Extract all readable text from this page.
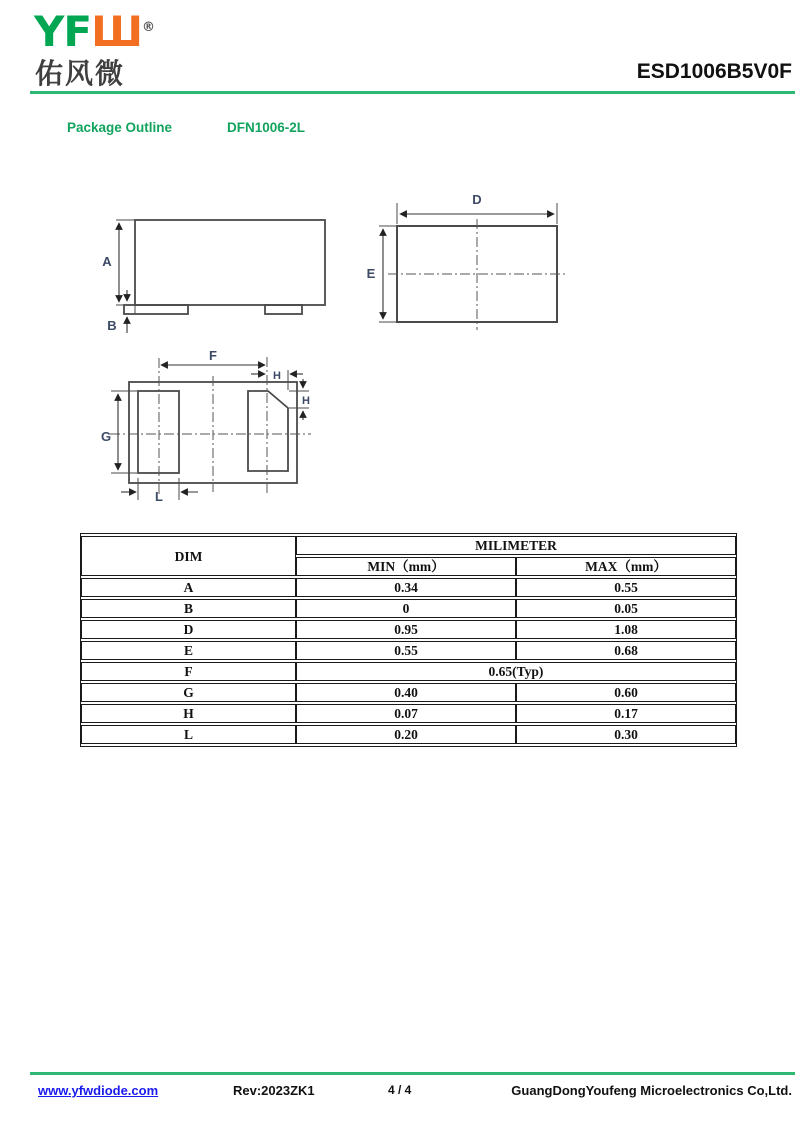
YFШ®
佑风微	ESD1006B5V0F
Package Outline	DFN1006-2L
A
B
D
E
F
H
H
G
L
DIM	MILIMETER	
	MIN（mm）	MAX（mm）
A	0.34	0.55
B	0	0.05
D	0.95	1.08
E	0.55	0.68
F	0.65(Typ)	
G	0.40	0.60
H	0.07	0.17
L	0.20	0.30
www.yfwdiode.com	Rev:2023ZK1	4 / 4	GuangDongYoufeng Microelectronics Co,Ltd.
